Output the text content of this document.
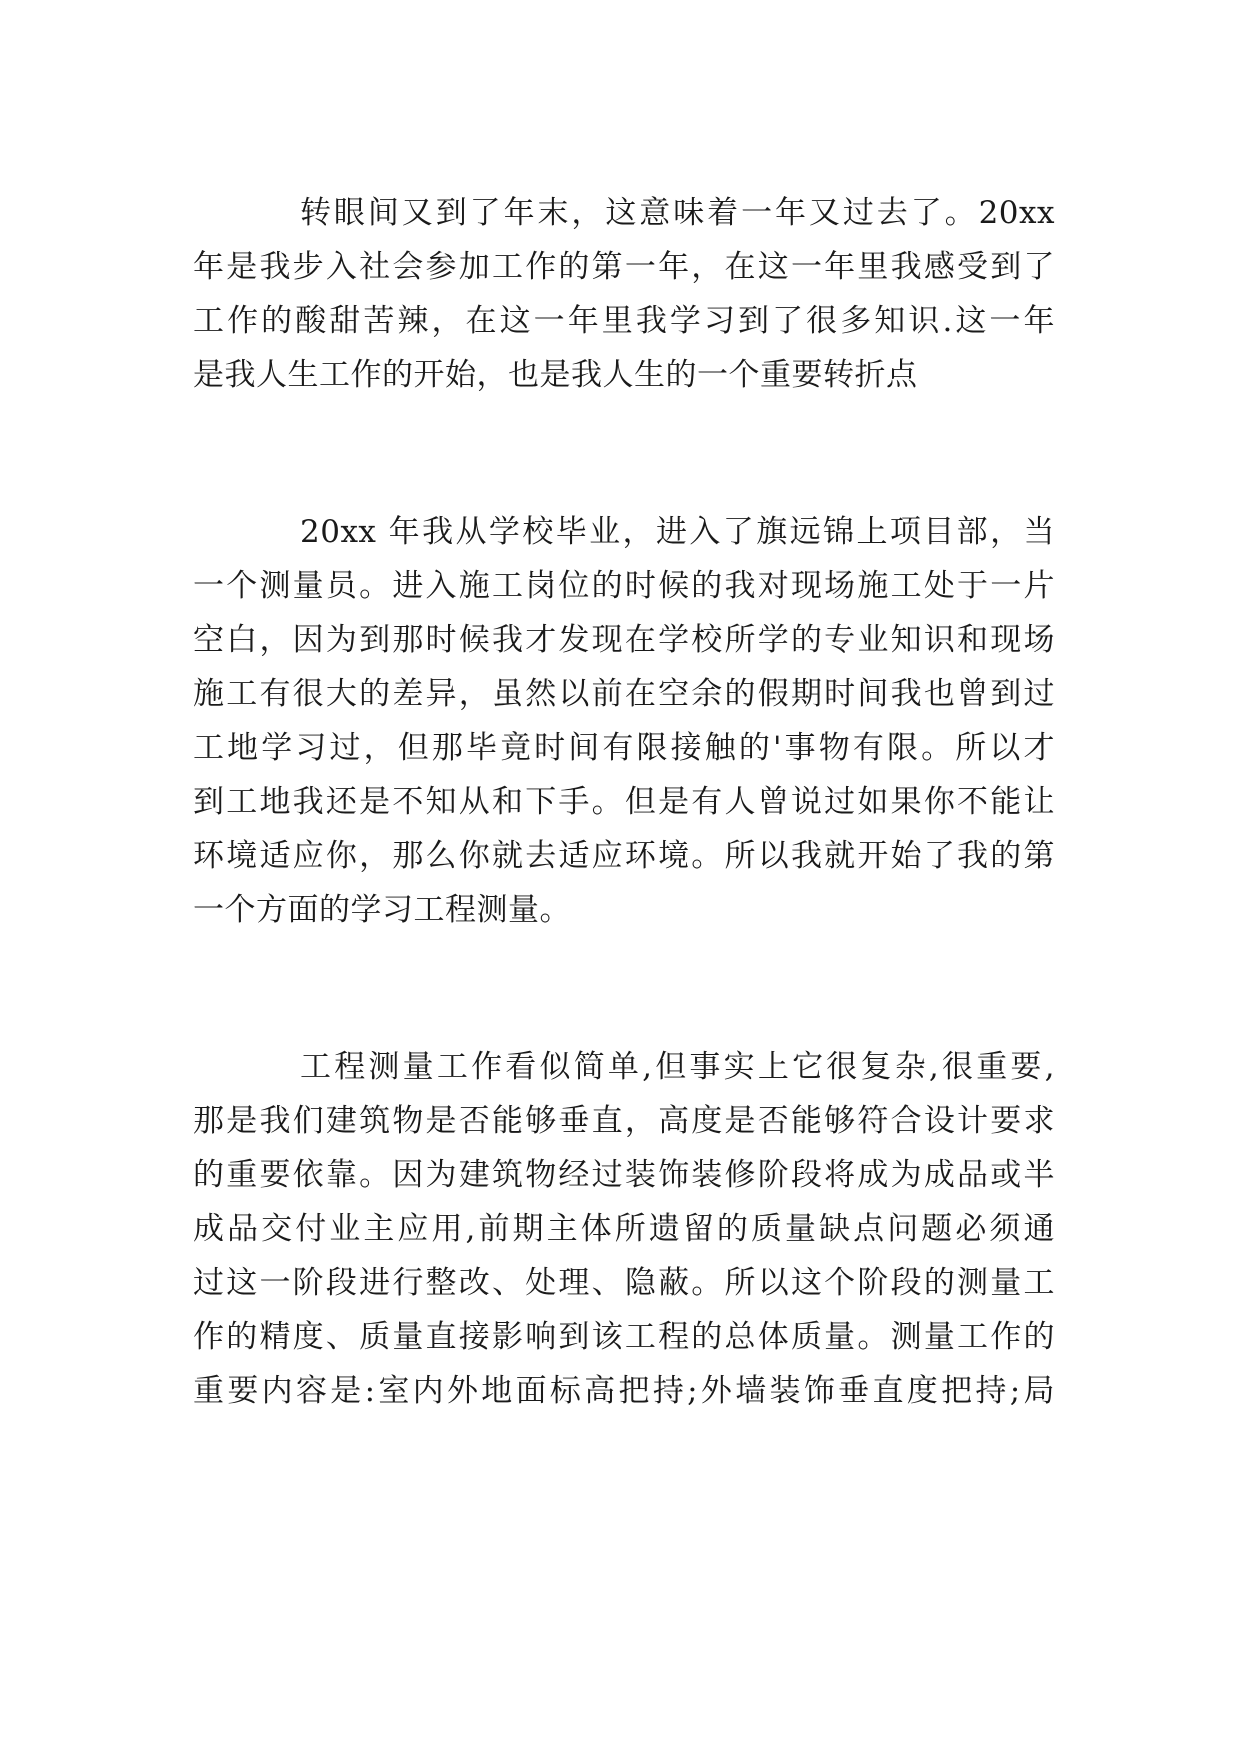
转眼间又到了年末，这意味着一年又过去了。20xx
年是我步入社会参加工作的第一年，在这一年里我感受到了
工作的酸甜苦辣，在这一年里我学习到了很多知识.这一年
是我人生工作的开始，也是我人生的一个重要转折点
20xx 年我从学校毕业，进入了旗远锦上项目部，当
一个测量员。进入施工岗位的时候的我对现场施工处于一片
空白，因为到那时候我才发现在学校所学的专业知识和现场
施工有很大的差异，虽然以前在空余的假期时间我也曾到过
工地学习过，但那毕竟时间有限接触的'事物有限。所以才
到工地我还是不知从和下手。但是有人曾说过如果你不能让
环境适应你，那么你就去适应环境。所以我就开始了我的第
一个方面的学习工程测量。
工程测量工作看似简单,但事实上它很复杂,很重要,
那是我们建筑物是否能够垂直，高度是否能够符合设计要求
的重要依靠。因为建筑物经过装饰装修阶段将成为成品或半
成品交付业主应用,前期主体所遗留的质量缺点问题必须通
过这一阶段进行整改、处理、隐蔽。所以这个阶段的测量工
作的精度、质量直接影响到该工程的总体质量。测量工作的
重要内容是:室内外地面标高把持;外墙装饰垂直度把持;局
